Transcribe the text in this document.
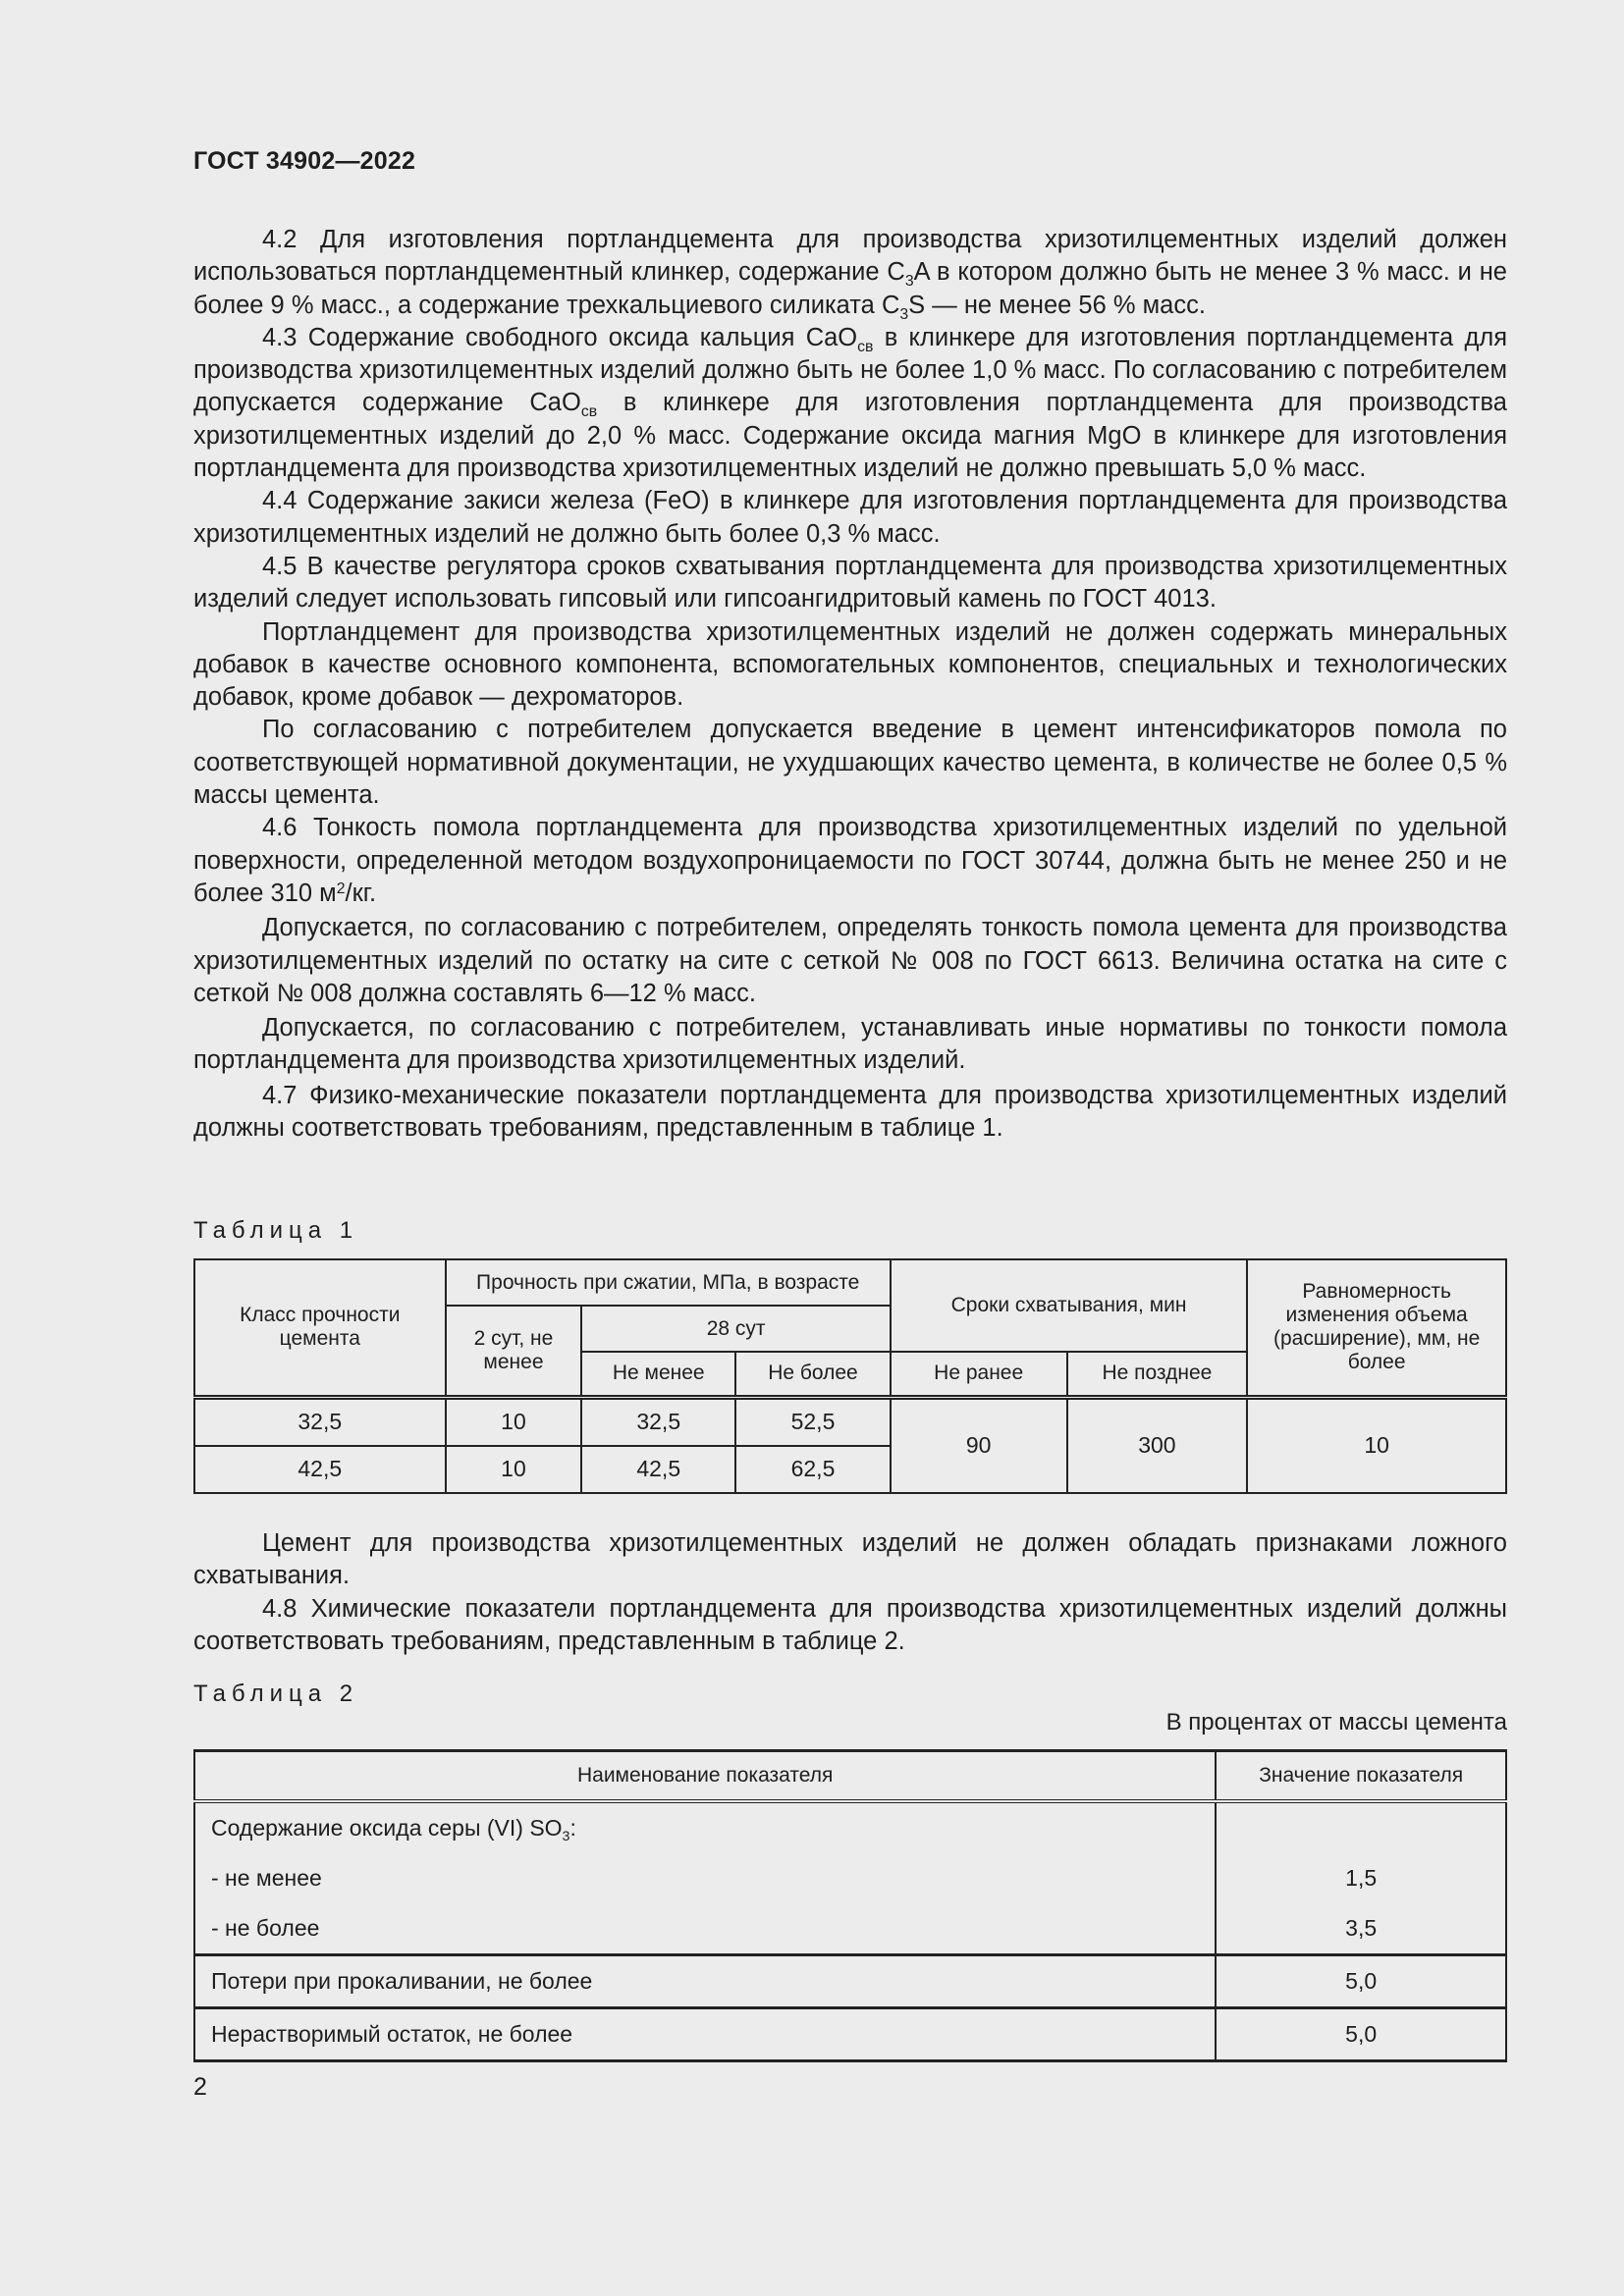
ГОСТ 34902—2022

4.2 Для изготовления портландцемента для производства хризотилцементных изделий должен использоваться портландцементный клинкер, содержание $C_3A$ в котором должно быть не менее 3 % масс. и не более 9 % масс., а содержание трехкальциевого силиката $C_3S$ — не менее 56 % масс.

4.3 Содержание свободного оксида кальция CaO$_{св}$ в клинкере для изготовления портландцемента для производства хризотилцементных изделий должно быть не более 1,0 % масс. По согласованию с потребителем допускается содержание CaO$_{св}$ в клинкере для изготовления портландцемента для производства хризотилцементных изделий до 2,0 % масс. Содержание оксида магния MgO в клинкере для изготовления портландцемента для производства хризотилцементных изделий не должно превышать 5,0 % масс.

4.4 Содержание закиси железа (FeO) в клинкере для изготовления портландцемента для производства хризотилцементных изделий не должно быть более 0,3 % масс.

4.5 В качестве регулятора сроков схватывания портландцемента для производства хризотилцементных изделий следует использовать гипсовый или гипсоангидритовый камень по ГОСТ 4013.

Портландцемент для производства хризотилцементных изделий не должен содержать минеральных добавок в качестве основного компонента, вспомогательных компонентов, специальных и технологических добавок, кроме добавок — дехроматоров.

По согласованию с потребителем допускается введение в цемент интенсификаторов помола по соответствующей нормативной документации, не ухудшающих качество цемента, в количестве не более 0,5 % массы цемента.

4.6 Тонкость помола портландцемента для производства хризотилцементных изделий по удельной поверхности, определенной методом воздухопроницаемости по ГОСТ 30744, должна быть не менее 250 и не более 310 $м^2/кг$.

Допускается, по согласованию с потребителем, определять тонкость помола цемента для производства хризотилцементных изделий по остатку на сите с сеткой № 008 по ГОСТ 6613. Величина остатка на сите с сеткой № 008 должна составлять 6—12 % масс.

Допускается, по согласованию с потребителем, устанавливать иные нормативы по тонкости помола портландцемента для производства хризотилцементных изделий.

4.7 Физико-механические показатели портландцемента для производства хризотилцементных изделий должны соответствовать требованиям, представленным в таблице 1.

Таблица 1
Класс прочности цемента	Прочность при сжатии, МПа, в возрасте			Сроки схватывания, мин		Равномерность изменения объема (расширение), мм, не более
	2 сут, не менее	28 сут				
		Не менее	Не более	Не ранее	Не позднее	
32,5	10	32,5	52,5	90	300	10
42,5	10	42,5	62,5			

Цемент для производства хризотилцементных изделий не должен обладать признаками ложного схватывания.

4.8 Химические показатели портландцемента для производства хризотилцементных изделий должны соответствовать требованиям, представленным в таблице 2.

Таблица 2
В процентах от массы цемента
Наименование показателя	Значение показателя
Содержание оксида серы (VI) $SO_3$:	
- не менее	1,5
- не более	3,5
Потери при прокаливании, не более	5,0
Нерастворимый остаток, не более	5,0
2
